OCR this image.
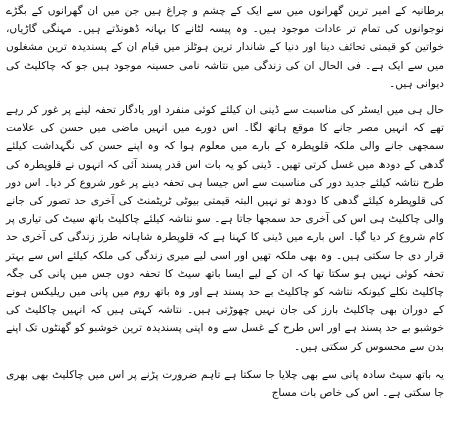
برطانیہ کے امیر ترین گھرانوں میں سے ایک کے چشم و چراغ ہیں جن میں ان گھرانوں کے بگڑے نوجوانوں کی تمام تر عادات موجود ہیں۔ وہ پیسہ لٹانے کا بہانہ ڈھونڈتے ہیں۔ مہنگی گاڑیاں، خواتین کو قیمتی تحائف دینا اور دنیا کے شاندار ترین ہوٹلز میں قیام ان کے پسندیدہ ترین مشغلوں میں سے ایک ہے۔ فی الحال ان کی زندگی میں نتاشہ نامی حسینہ موجود ہیں جو کہ چاکلیٹ کی دیوانی ہیں۔

حال ہی میں ایسٹر کی مناسبت سے ڈینی ان کیلئے کوئی منفرد اور یادگار تحفہ لینے پر غور کر رہے تھے کہ انہیں مصر جانے کا موقع ہاتھ لگا۔ اس دورے میں انہیں ماضی میں حسن کی علامت سمجھی جانے والی ملکہ قلوپطرہ کے بارے میں معلوم ہوا کہ وہ اپنے حسن کی نگہداشت کیلئے گدھی کے دودھ میں غسل کرتی تھیں۔ ڈینی کو یہ بات اس قدر پسند آئی کہ انہوں نے قلوپطرہ کی طرح نتاشہ کیلئے جدید دور کی مناسبت سے اس جیسا ہی تحفہ دینے پر غور شروع کر دیا۔ اس دور کی قلوپطرہ کیلئے گدھی کا دودھ تو نہیں البتہ قیمتی بیوٹی ٹریٹمنٹ کی آخری حد تصور کی جانے والی چاکلیٹ ہی اس کی آخری حد سمجھا جاتا ہے۔ سو نتاشہ کیلئے چاکلیٹ باتھ سیٹ کی تیاری پر کام شروع کر دیا گیا۔ اس بارے میں ڈینی کا کہنا ہے کہ قلوپطرہ شاہانہ طرز زندگی کی آخری حد قرار دی جا سکتی ہیں۔ وہ بھی ملکہ تھیں اور اسی لیے میری زندگی کی ملکہ کیلئے اس سے بہتر تحفہ کوئی نہیں ہو سکتا تھا کہ ان کے لیے ایسا باتھ سیٹ کا تحفہ دوں جس میں پانی کی جگہ چاکلیٹ نکلے کیونکہ نتاشہ کو چاکلیٹ بے حد پسند ہے اور وہ باتھ روم میں پانی میں ریلیکس ہونے کے دوران بھی چاکلیٹ بارز کی جان نہیں چھوڑتی ہیں۔ نتاشہ کہتی ہیں کہ انہیں چاکلیٹ کی خوشبو بے حد پسند ہے اور اس طرح کے غسل سے وہ اپنی پسندیدہ ترین خوشبو کو گھنٹوں تک اپنے بدن سے محسوس کر سکتی ہیں۔

یہ باتھ سیٹ سادہ پانی سے بھی چلایا جا سکتا ہے تاہم ضرورت پڑنے پر اس میں چاکلیٹ بھی بھری جا سکتی ہے۔ اس کی خاص بات مساج
